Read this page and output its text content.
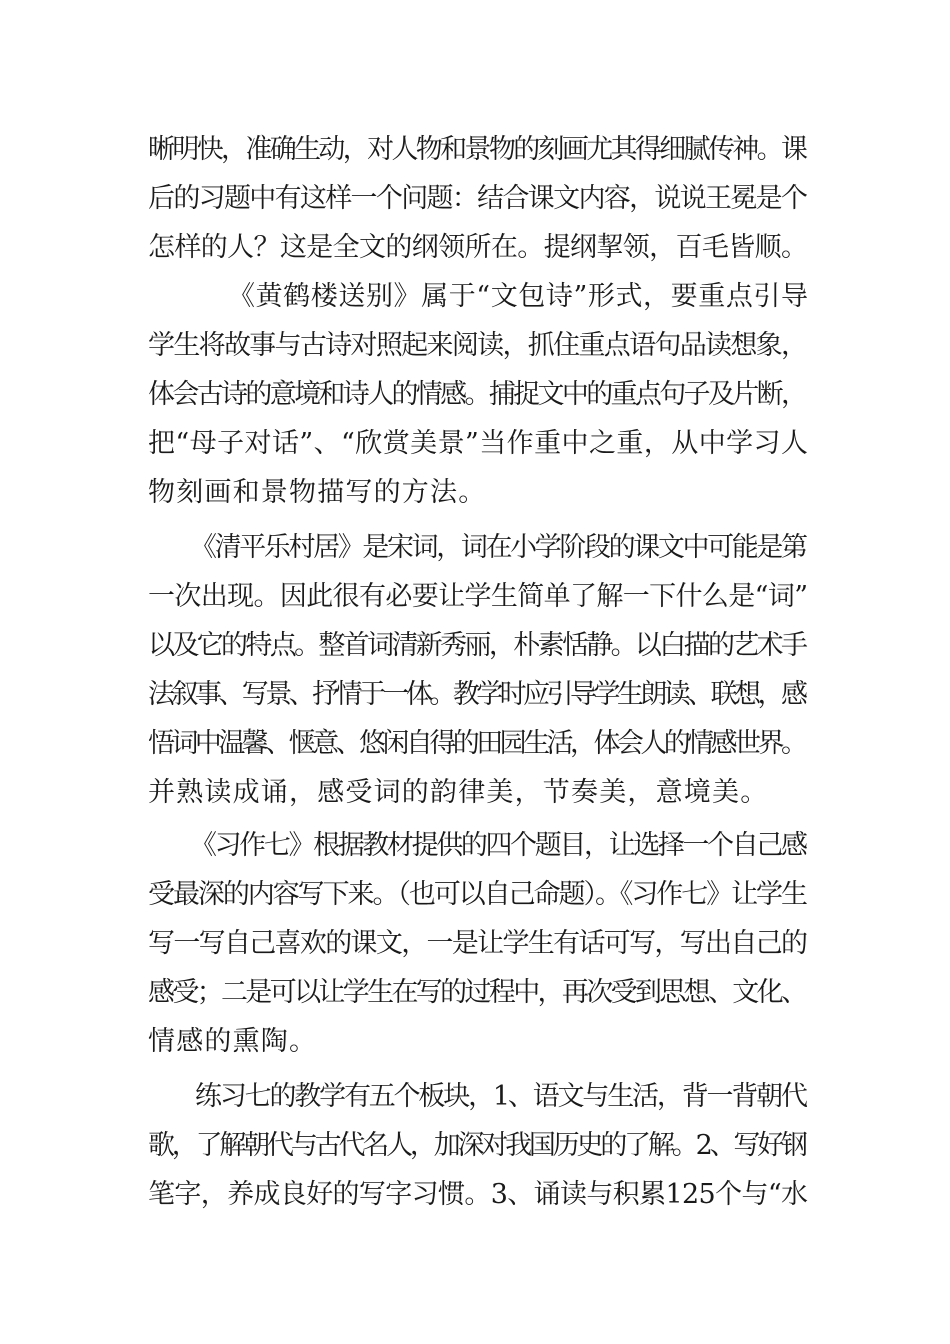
晰明快，准确生动，对人物和景物的刻画尤其得细腻传神。课
后的习题中有这样一个问题：结合课文内容，说说王冕是个
怎样的人？这是全文的纲领所在。提纲挈领，百毛皆顺。
《黄鹤楼送别》属于“文包诗”形式，要重点引导
学生将故事与古诗对照起来阅读，抓住重点语句品读想象，
体会古诗的意境和诗人的情感。捕捉文中的重点句子及片断，
把“母子对话”、“欣赏美景”当作重中之重，从中学习人
物刻画和景物描写的方法。
《清平乐村居》是宋词，词在小学阶段的课文中可能是第
一次出现。因此很有必要让学生简单了解一下什么是“词”
以及它的特点。整首词清新秀丽，朴素恬静。以白描的艺术手
法叙事、写景、抒情于一体。教学时应引导学生朗读、联想，感
悟词中温馨、惬意、悠闲自得的田园生活，体会人的情感世界。
并熟读成诵，感受词的韵律美，节奏美，意境美。
《习作七》根据教材提供的四个题目，让选择一个自己感
受最深的内容写下来。（也可以自己命题）。《习作七》让学生
写一写自己喜欢的课文，一是让学生有话可写，写出自己的
感受；二是可以让学生在写的过程中，再次受到思想、文化、
情感的熏陶。
练习七的教学有五个板块，1、语文与生活，背一背朝代
歌，了解朝代与古代名人，加深对我国历史的了解。2、写好钢
笔字，养成良好的写字习惯。3、诵读与积累125个与“水
